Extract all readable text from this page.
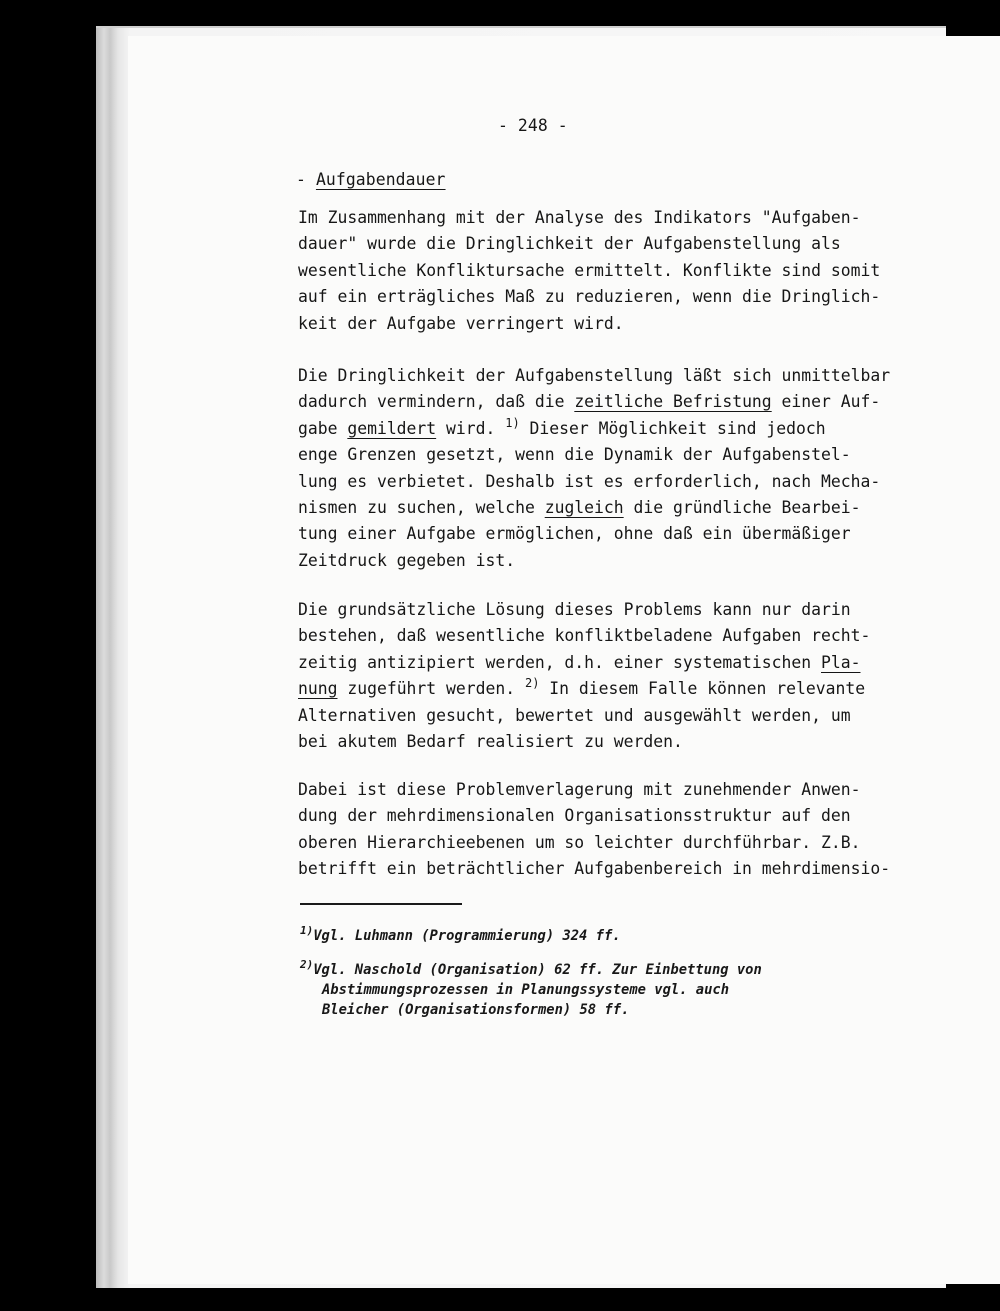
- 248 -
- Aufgabendauer
Im Zusammenhang mit der Analyse des Indikators "Aufgaben-
dauer" wurde die Dringlichkeit der Aufgabenstellung als
wesentliche Konfliktursache ermittelt. Konflikte sind somit
auf ein erträgliches Maß zu reduzieren, wenn die Dringlich-
keit der Aufgabe verringert wird.
Die Dringlichkeit der Aufgabenstellung läßt sich unmittelbar
dadurch vermindern, daß die zeitliche Befristung einer Auf-
gabe gemildert wird. $^{1)}$ Dieser Möglichkeit sind jedoch
enge Grenzen gesetzt, wenn die Dynamik der Aufgabenstel-
lung es verbietet. Deshalb ist es erforderlich, nach Mecha-
nismen zu suchen, welche zugleich die gründliche Bearbei-
tung einer Aufgabe ermöglichen, ohne daß ein übermäßiger
Zeitdruck gegeben ist.
Die grundsätzliche Lösung dieses Problems kann nur darin
bestehen, daß wesentliche konfliktbeladene Aufgaben recht-
zeitig antizipiert werden, d.h. einer systematischen Pla-
nung zugeführt werden. $^{2)}$ In diesem Falle können relevante
Alternativen gesucht, bewertet und ausgewählt werden, um
bei akutem Bedarf realisiert zu werden.
Dabei ist diese Problemverlagerung mit zunehmender Anwen-
dung der mehrdimensionalen Organisationsstruktur auf den
oberen Hierarchieebenen um so leichter durchführbar. Z.B.
betrifft ein beträchtlicher Aufgabenbereich in mehrdimensio-
$^{1)}$Vgl. Luhmann (Programmierung) 324 ff.
$^{2)}$Vgl. Naschold (Organisation) 62 ff. Zur Einbettung von
Abstimmungsprozessen in Planungssysteme vgl. auch
Bleicher (Organisationsformen) 58 ff.
